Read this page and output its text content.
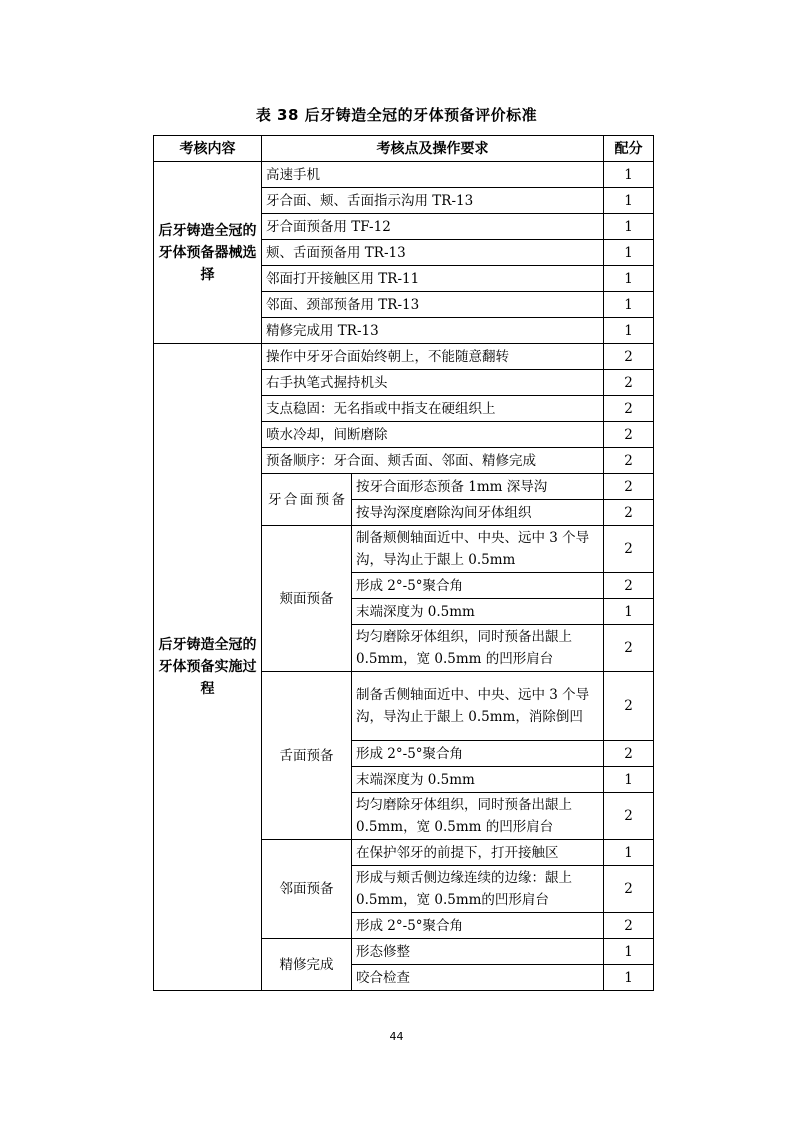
表 38 后牙铸造全冠的牙体预备评价标准
考核内容	考核点及操作要求		配分
后牙铸造全冠的牙体预备器械选择	高速手机		1
	牙合面、颊、舌面指示沟用 TR-13		1
	牙合面预备用 TF-12		1
	颊、舌面预备用 TR-13		1
	邻面打开接触区用 TR-11		1
	邻面、颈部预备用 TR-13		1
	精修完成用 TR-13		1
后牙铸造全冠的牙体预备实施过程	操作中牙牙合面始终朝上，不能随意翻转		2
	右手执笔式握持机头		2
	支点稳固：无名指或中指支在硬组织上		2
	喷水冷却，间断磨除		2
	预备顺序：牙合面、颊舌面、邻面、精修完成		2
	牙合面预备	按牙合面形态预备 1mm 深导沟	2
		按导沟深度磨除沟间牙体组织	2
	颊面预备	制备颊侧轴面近中、中央、远中 3 个导沟，导沟止于龈上 0.5mm	2
		形成 2°-5°聚合角	2
		末端深度为 0.5mm	1
		均匀磨除牙体组织，同时预备出龈上 0.5mm，宽 0.5mm 的凹形肩台	2
	舌面预备	制备舌侧轴面近中、中央、远中 3 个导沟，导沟止于龈上 0.5mm，消除倒凹	2
		形成 2°-5°聚合角	2
		末端深度为 0.5mm	1
		均匀磨除牙体组织，同时预备出龈上 0.5mm，宽 0.5mm 的凹形肩台	2
	邻面预备	在保护邻牙的前提下，打开接触区	1
		形成与颊舌侧边缘连续的边缘：龈上 0.5mm，宽 0.5mm的凹形肩台	2
		形成 2°-5°聚合角	2
	精修完成	形态修整	1
		咬合检查	1
44
